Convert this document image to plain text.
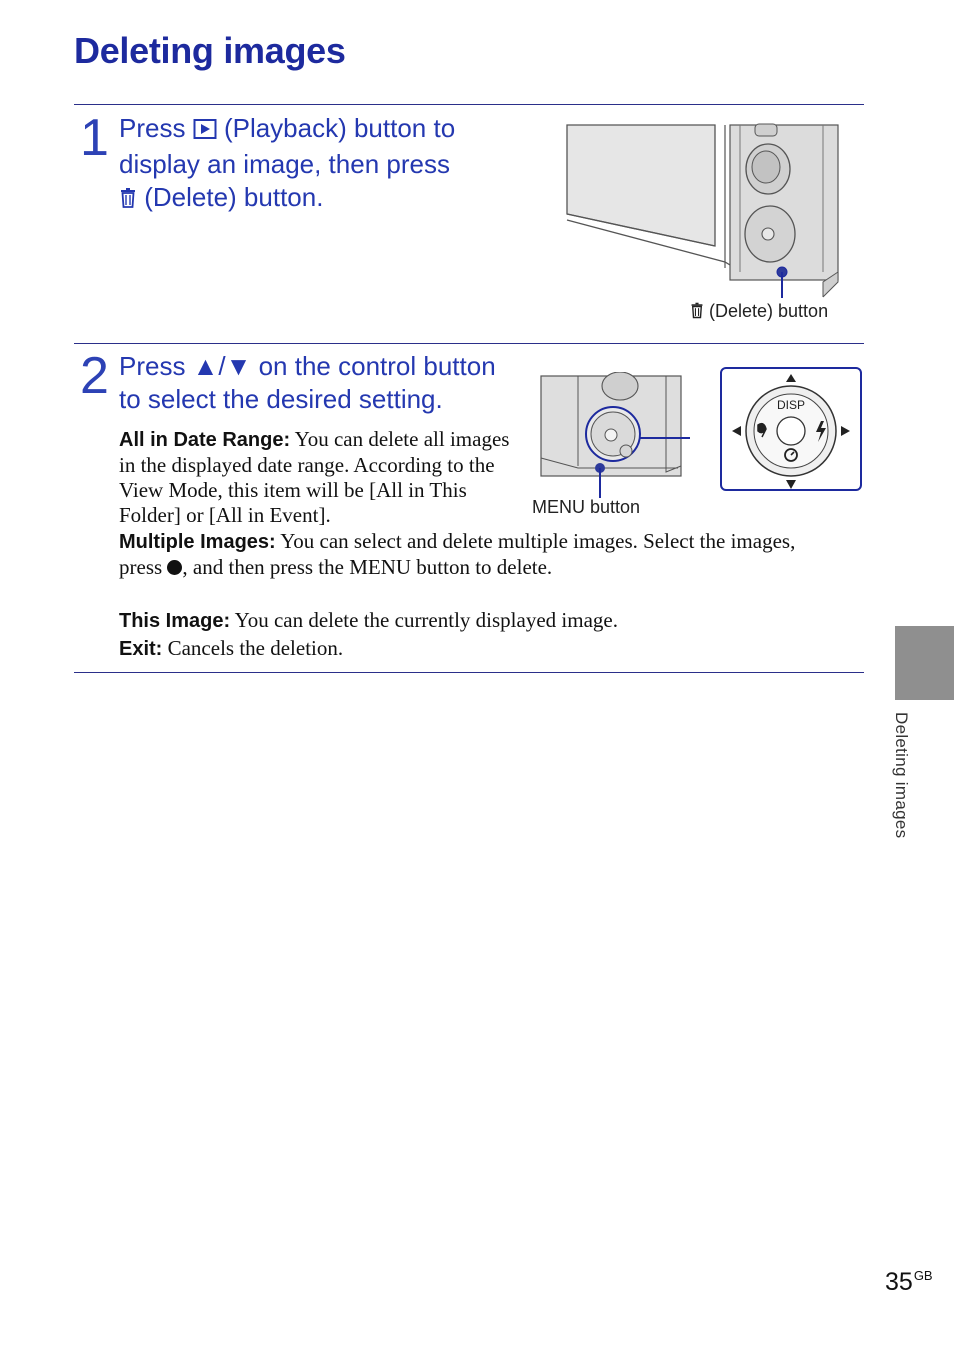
Deleting images
1 Press (Playback) button to
display an image, then press
(Delete) button.
(Delete) button
2 Press ▲/▼ on the control button
to select the desired setting.	DISP
MENU button
All in Date Range: You can delete all images in the displayed date range. According to the View Mode, this item will be [All in This Folder] or [All in Event].
Multiple Images: You can select and delete multiple images. Select the images, press , and then press the MENU button to delete.
This Image: You can delete the currently displayed image.
Exit: Cancels the deletion.
Deleting images
$35^{GB}$
